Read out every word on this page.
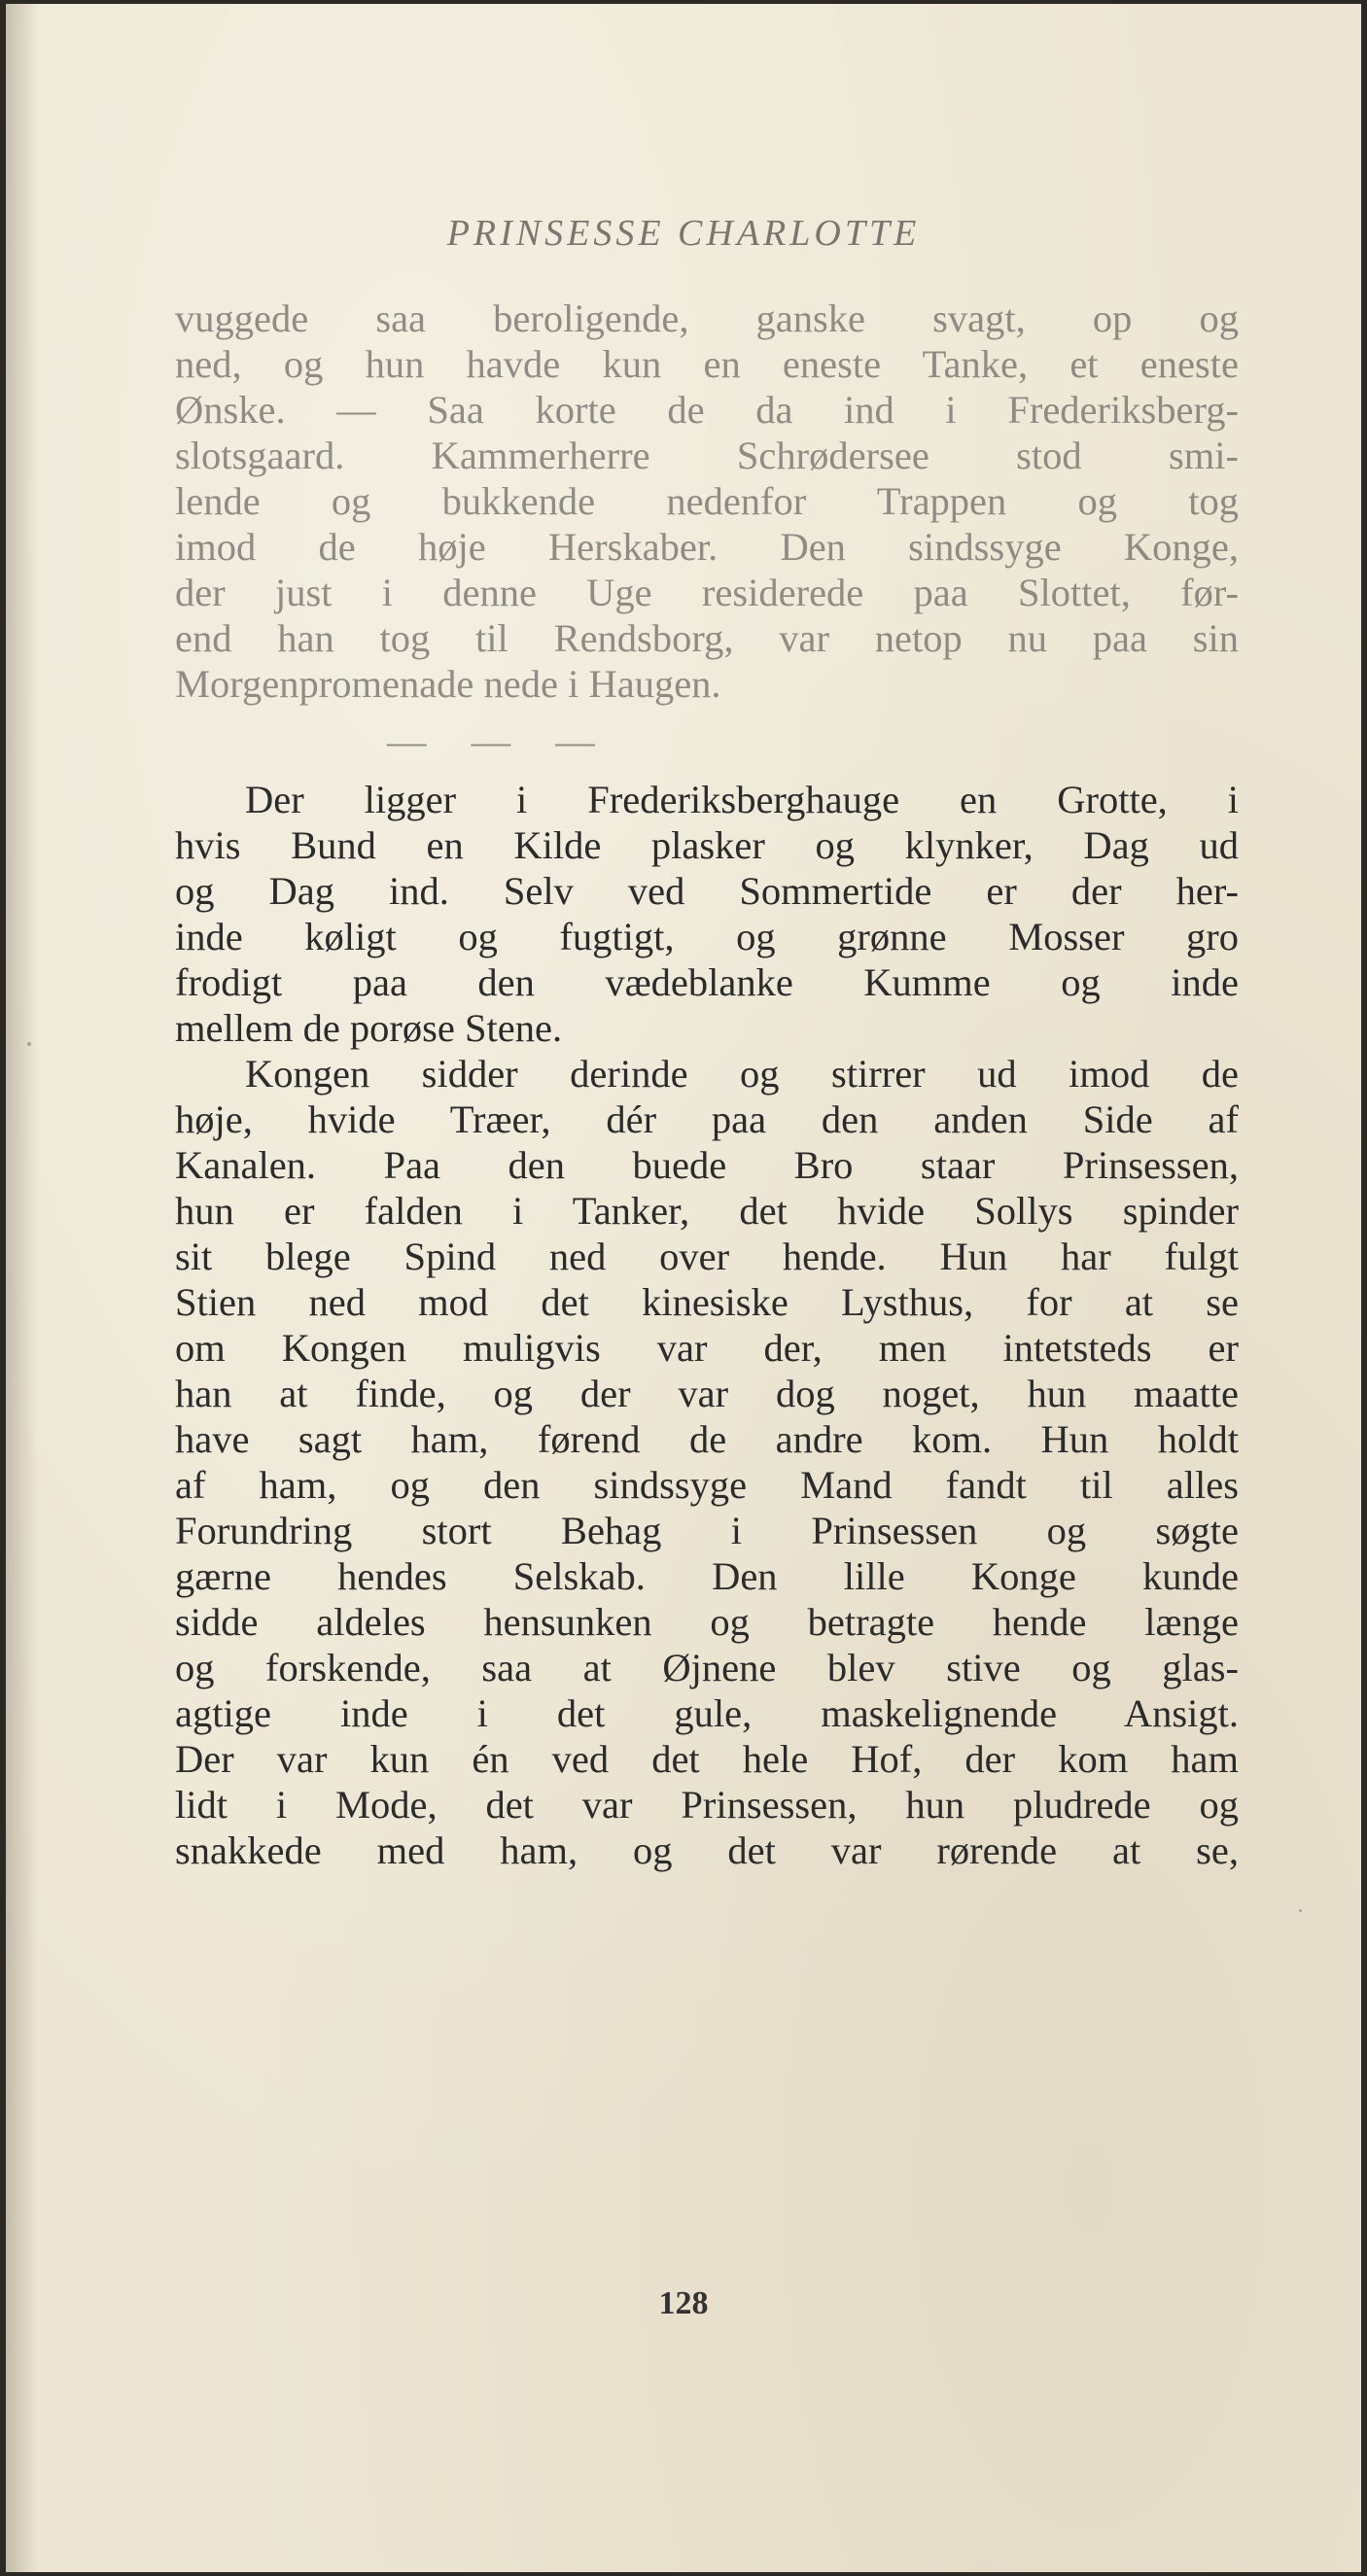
PRINSESSE CHARLOTTE
vuggede saa beroligende, ganske svagt, op og
ned, og hun havde kun en eneste Tanke, et eneste
Ønske. — Saa korte de da ind i Frederiksberg-
slotsgaard. Kammerherre Schrødersee stod smi-
lende og bukkende nedenfor Trappen og tog
imod de høje Herskaber. Den sindssyge Konge,
der just i denne Uge residerede paa Slottet, før-
end han tog til Rendsborg, var netop nu paa sin
Morgenpromenade nede i Haugen.
— — —
Der ligger i Frederiksberghauge en Grotte, i
hvis Bund en Kilde plasker og klynker, Dag ud
og Dag ind. Selv ved Sommertide er der her-
inde køligt og fugtigt, og grønne Mosser gro
frodigt paa den vædeblanke Kumme og inde
mellem de porøse Stene.
Kongen sidder derinde og stirrer ud imod de
høje, hvide Træer, dér paa den anden Side af
Kanalen. Paa den buede Bro staar Prinsessen,
hun er falden i Tanker, det hvide Sollys spinder
sit blege Spind ned over hende. Hun har fulgt
Stien ned mod det kinesiske Lysthus, for at se
om Kongen muligvis var der, men intetsteds er
han at finde, og der var dog noget, hun maatte
have sagt ham, førend de andre kom. Hun holdt
af ham, og den sindssyge Mand fandt til alles
Forundring stort Behag i Prinsessen og søgte
gærne hendes Selskab. Den lille Konge kunde
sidde aldeles hensunken og betragte hende længe
og forskende, saa at Øjnene blev stive og glas-
agtige inde i det gule, maskelignende Ansigt.
Der var kun én ved det hele Hof, der kom ham
lidt i Mode, det var Prinsessen, hun pludrede og
snakkede med ham, og det var rørende at se,
128
